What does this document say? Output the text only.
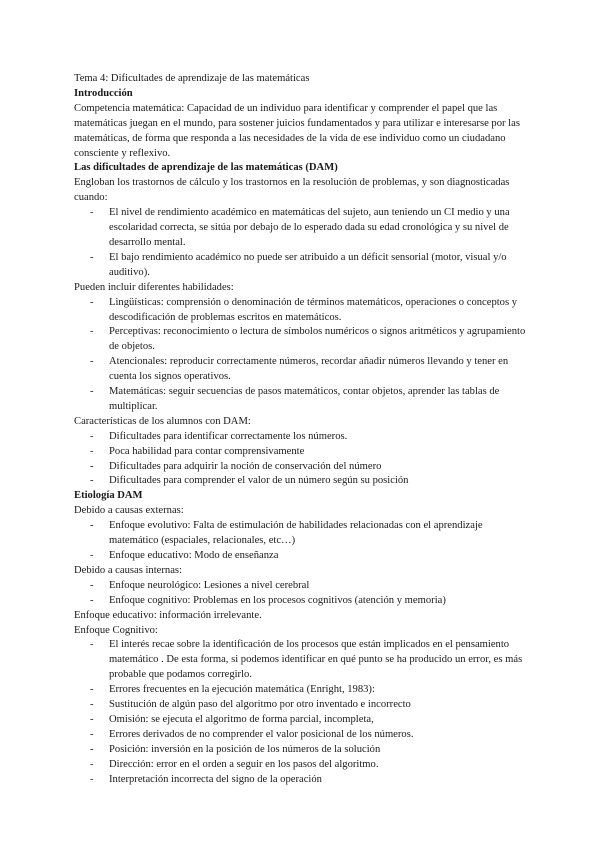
Tema 4: Dificultades de aprendizaje de las matemáticas

Introducción

Competencia matemática: Capacidad de un individuo para identificar y comprender el papel que las matemáticas juegan en el mundo, para sostener juicios fundamentados y para utilizar e interesarse por las matemáticas, de forma que responda a las necesidades de la vida de ese individuo como un ciudadano consciente y reflexivo.

Las dificultades de aprendizaje de las matemáticas (DAM)

Engloban los trastornos de cálculo y los trastornos en la resolución de problemas, y son diagnosticadas cuando:

- El nivel de rendimiento académico en matemáticas del sujeto, aun teniendo un CI medio y una escolaridad correcta, se sitúa por debajo de lo esperado dada su edad cronológica y su nivel de desarrollo mental.
- El bajo rendimiento académico no puede ser atribuido a un déficit sensorial (motor, visual y/o auditivo).

Pueden incluir diferentes habilidades:

- Lingüísticas: comprensión o denominación de términos matemáticos, operaciones o conceptos y descodificación de problemas escritos en matemáticos.
- Perceptivas: reconocimiento o lectura de símbolos numéricos o signos aritméticos y agrupamiento de objetos.
- Atencionales: reproducir correctamente números, recordar añadir números llevando y tener en cuenta los signos operativos.
- Matemáticas: seguir secuencias de pasos matemáticos, contar objetos, aprender las tablas de multiplicar.

Características de los alumnos con DAM:

- Dificultades para identificar correctamente los números.
- Poca habilidad para contar comprensivamente
- Dificultades para adquirir la noción de conservación del número
- Dificultades para comprender el valor de un número según su posición

Etiología DAM

Debido a causas externas:

- Enfoque evolutivo: Falta de estimulación de habilidades relacionadas con el aprendizaje matemático (espaciales, relacionales, etc…)
- Enfoque educativo: Modo de enseñanza

Debido a causas internas:

- Enfoque neurológico: Lesiones a nivel cerebral
- Enfoque cognitivo: Problemas en los procesos cognitivos (atención y memoria)

Enfoque educativo: información irrelevante.

Enfoque Cognitivo:

- El interés recae sobre la identificación de los procesos que están implicados en el pensamiento matemático . De esta forma, si podemos identificar en qué punto se ha producido un error, es más probable que podamos corregirlo.
- Errores frecuentes en la ejecución matemática (Enright, 1983):
- Sustitución de algún paso del algoritmo por otro inventado e incorrecto
- Omisión: se ejecuta el algoritmo de forma parcial, incompleta,
- Errores derivados de no comprender el valor posicional de los números.
- Posición: inversión en la posición de los números de la solución
- Dirección: error en el orden a seguir en los pasos del algoritmo.
- Interpretación incorrecta del signo de la operación
